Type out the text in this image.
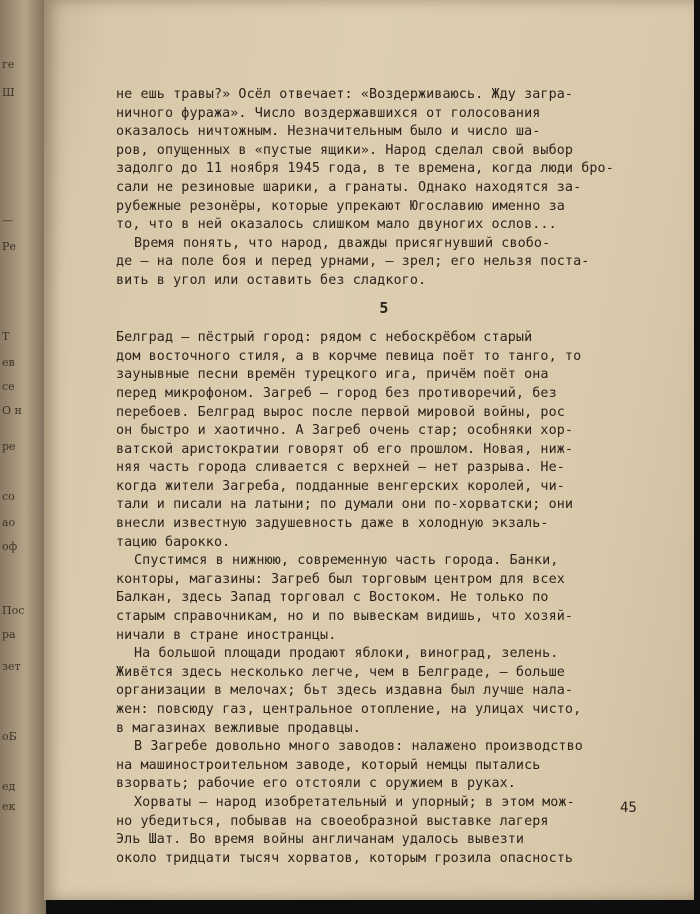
ге
Ш
—
Ре
Т
ев
се
О н
ре
со
ао
оф
Пос
ра
зет
оБ
ед
ек
не ешь травы?» Осёл отвечает: «Воздерживаюсь. Жду загра-
ничного фуража». Число воздержавшихся от голосования
оказалось ничтожным. Незначительным было и число ша-
ров, опущенных в «пустые ящики». Народ сделал свой выбор
задолго до 11 ноября 1945 года, в те времена, когда люди бро-
сали не резиновые шарики, а гранаты. Однако находятся за-
рубежные резонёры, которые упрекают Югославию именно за
то, что в ней оказалось слишком мало двуногих ослов...
Время понять, что народ, дважды присягнувший свобо-
де – на поле боя и перед урнами, – зрел; его нельзя поста-
вить в угол или оставить без сладкого.
5
Белград – пёстрый город: рядом с небоскрёбом старый
дом восточного стиля, а в корчме певица поёт то танго, то
заунывные песни времён турецкого ига, причём поёт она
перед микрофоном. Загреб – город без противоречий, без
перебоев. Белград вырос после первой мировой войны, рос
он быстро и хаотично. А Загреб очень стар; особняки хор-
ватской аристократии говорят об его прошлом. Новая, ниж-
няя часть города сливается с верхней – нет разрыва. Не-
когда жители Загреба, подданные венгерских королей, чи-
тали и писали на латыни; по думали они по-хорватски; они
внесли известную задушевность даже в холодную экзаль-
тацию барокко.
Спустимся в нижнюю, современную часть города. Банки,
конторы, магазины: Загреб был торговым центром для всех
Балкан, здесь Запад торговал с Востоком. Не только по
старым справочникам, но и по вывескам видишь, что хозяй-
ничали в стране иностранцы.
На большой площади продают яблоки, виноград, зелень.
Живётся здесь несколько легче, чем в Белграде, – больше
организации в мелочах; бьт здесь издавна был лучше нала-
жен: повсюду газ, центральное отопление, на улицах чисто,
в магазинах вежливые продавцы.
В Загребе довольно много заводов: налажено производство
на машиностроительном заводе, который немцы пытались
взорвать; рабочие его отстояли с оружием в руках.
Хорваты – народ изобретательный и упорный; в этом мож-
но убедиться, побывав на своеобразной выставке лагеря
Эль Шат. Во время войны англичанам удалось вывезти
около тридцати тысяч хорватов, которым грозила опасность
45
